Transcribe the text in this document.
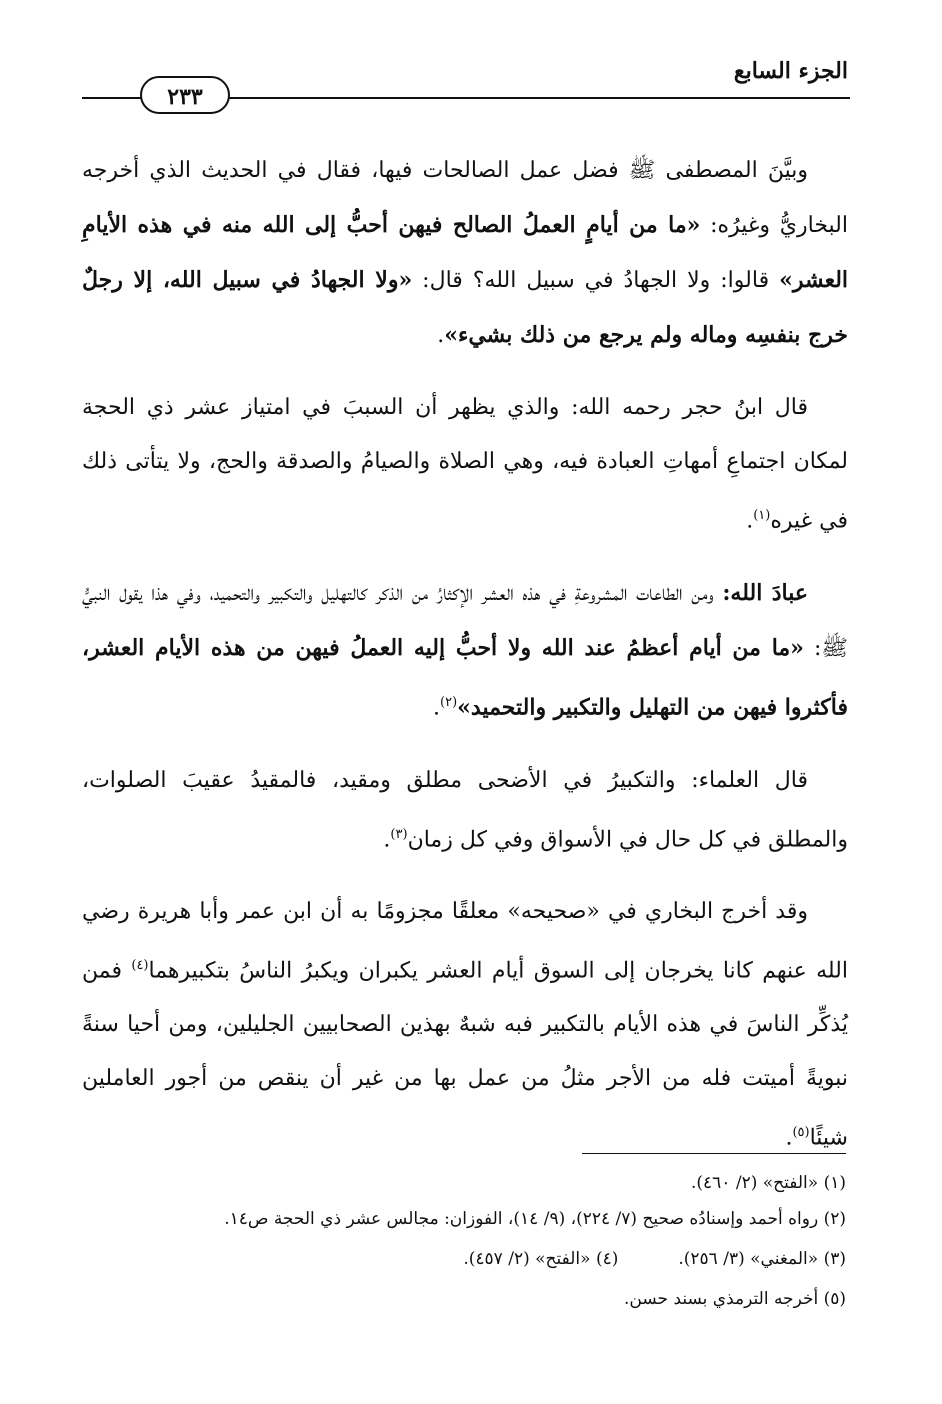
الجزء السابع
٢٣٣

وبيَّنَ المصطفى ﷺ فضل عمل الصالحات فيها، فقال في الحديث الذي أخرجه البخاريُّ وغيرُه: «ما من أيامٍ العملُ الصالح فيهن أحبُّ إلى الله منه في هذه الأيامِ العشر» قالوا: ولا الجهادُ في سبيل الله؟ قال: «ولا الجهادُ في سبيل الله، إلا رجلٌ خرج بنفسِه وماله ولم يرجع من ذلك بشيء».

قال ابنُ حجر رحمه الله: والذي يظهر أن السببَ في امتياز عشر ذي الحجة لمكان اجتماعِ أمهاتِ العبادة فيه، وهي الصلاة والصيامُ والصدقة والحج، ولا يتأتى ذلك في غيره$^{(١)}$.

عبادَ الله: ومن الطاعات المشروعةِ في هذه العشر الإكثارُ من الذكر كالتهليل والتكبير والتحميد، وفي هذا يقول النبيُّ ﷺ: «ما من أيام أعظمُ عند الله ولا أحبُّ إليه العملُ فيهن من هذه الأيام العشر، فأكثروا فيهن من التهليل والتكبير والتحميد»$^{(٢)}$.

قال العلماء: والتكبيرُ في الأضحى مطلق ومقيد، فالمقيدُ عقيبَ الصلوات، والمطلق في كل حال في الأسواق وفي كل زمان$^{(٣)}$.

وقد أخرج البخاري في «صحيحه» معلقًا مجزومًا به أن ابن عمر وأبا هريرة رضي الله عنهم كانا يخرجان إلى السوق أيام العشر يكبران ويكبرُ الناسُ بتكبيرهما$^{(٤)}$ فمن يُذكِّر الناسَ في هذه الأيام بالتكبير فبه شبهٌ بهذين الصحابيين الجليلين، ومن أحيا سنةً نبويةً أميتت فله من الأجر مثلُ من عمل بها من غير أن ينقص من أجور العاملين شيئًا$^{(٥)}$.

(١) «الفتح» (٢/ ٤٦٠).
(٢) رواه أحمد وإسنادُه صحيح (٧/ ٢٢٤)، (٩/ ١٤)، الفوزان: مجالس عشر ذي الحجة ص١٤.
(٣) «المغني» (٣/ ٢٥٦).
(٤) «الفتح» (٢/ ٤٥٧).
(٥) أخرجه الترمذي بسند حسن.
